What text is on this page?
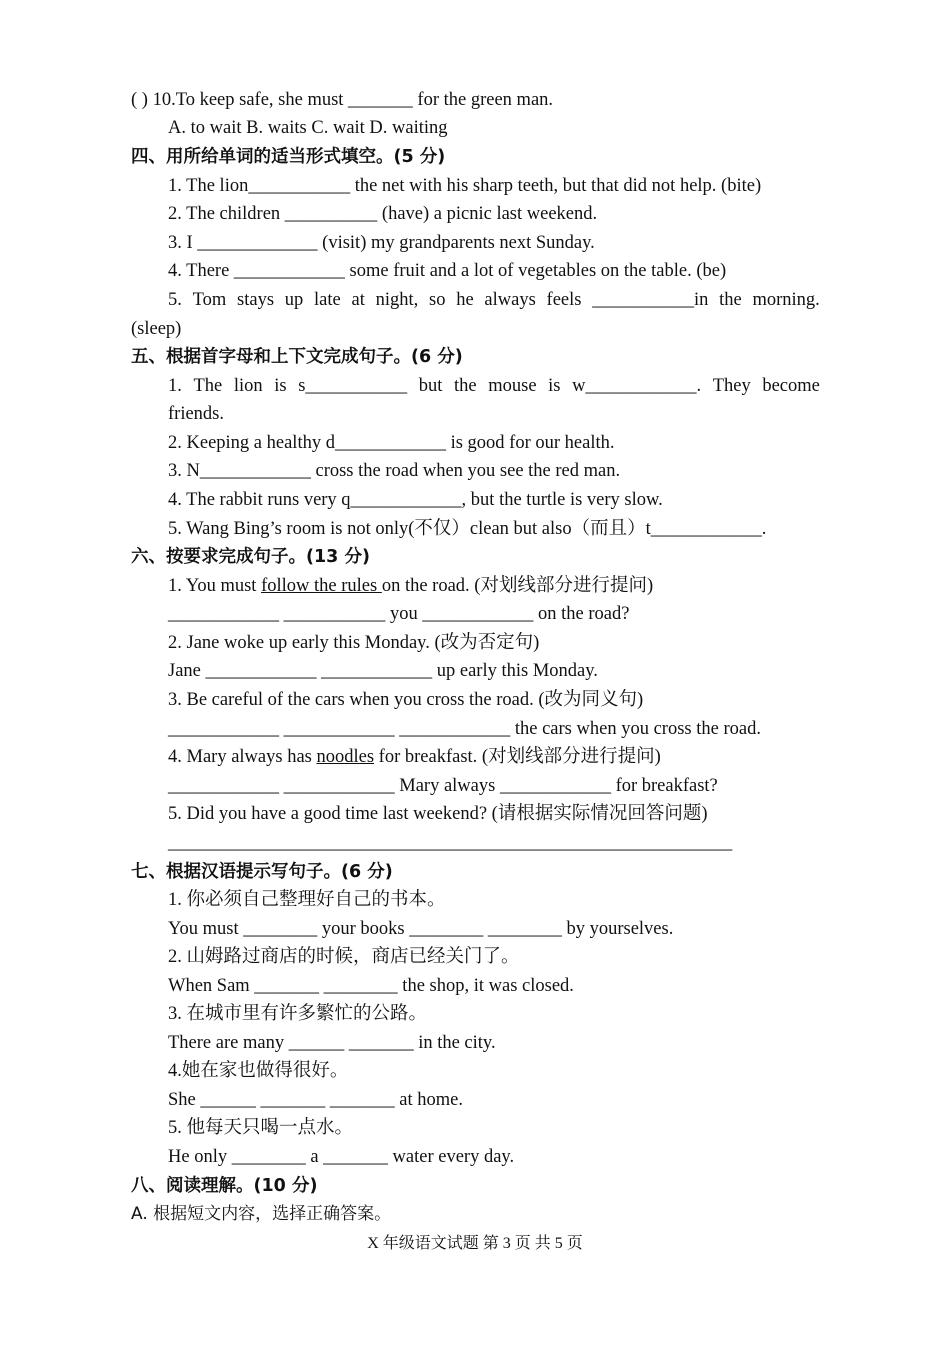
( ) 10.To keep safe, she must _______ for the green man.
A. to wait B. waits C. wait D. waiting
四、用所给单词的适当形式填空。(5 分)
1. The lion___________ the net with his sharp teeth, but that did not help. (bite)
2. The children __________ (have) a picnic last weekend.
3. I _____________ (visit) my grandparents next Sunday.
4. There ____________ some fruit and a lot of vegetables on the table. (be)
5. Tom stays up late at night, so he always feels ___________in the morning.
(sleep)
五、根据首字母和上下文完成句子。(6 分)
1. The lion is s___________ but the mouse is w____________. They become
friends.
2. Keeping a healthy d____________ is good for our health.
3. N____________ cross the road when you see the red man.
4. The rabbit runs very q____________, but the turtle is very slow.
5. Wang Bing’s room is not only(不仅）clean but also（而且）t____________.
六、按要求完成句子。(13 分)
1. You must follow the rules on the road. (对划线部分进行提问)
____________ ___________ you ____________ on the road?
2. Jane woke up early this Monday. (改为否定句)
Jane ____________ ____________ up early this Monday.
3. Be careful of the cars when you cross the road. (改为同义句)
____________ ____________ ____________ the cars when you cross the road.
4. Mary always has noodles for breakfast. (对划线部分进行提问)
____________ ____________ Mary always ____________ for breakfast?
5. Did you have a good time last weekend? (请根据实际情况回答问题)
_____________________________________________________________
七、根据汉语提示写句子。(6 分)
1. 你必须自己整理好自己的书本。
You must ________ your books ________ ________ by yourselves.
2. 山姆路过商店的时候，商店已经关门了。
When Sam _______ ________ the shop, it was closed.
3. 在城市里有许多繁忙的公路。
There are many ______ _______ in the city.
4.她在家也做得很好。
She ______ _______ _______ at home.
5. 他每天只喝一点水。
He only ________ a _______ water every day.
八、阅读理解。(10 分)
A. 根据短文内容，选择正确答案。
X 年级语文试题 第 3 页 共 5 页
